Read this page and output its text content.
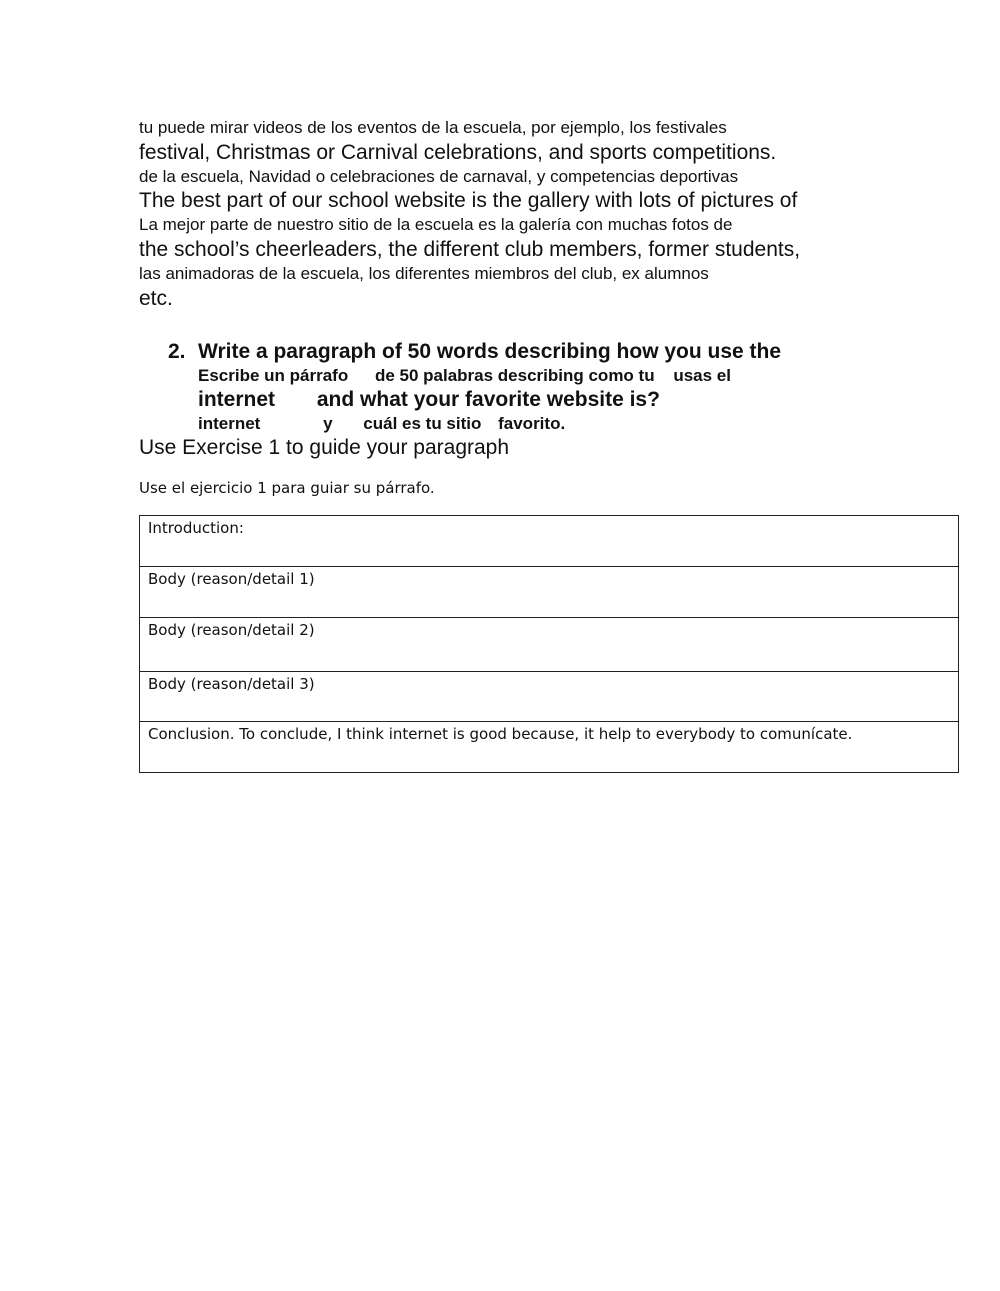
tu puede mirar videos de los eventos de la escuela, por ejemplo, los festivales
festival, Christmas or Carnival celebrations, and sports competitions.
de la escuela, Navidad o celebraciones de carnaval, y competencias deportivas
The best part of our school website is the gallery with lots of pictures of
La mejor parte de nuestro sitio de la escuela es la galería con muchas fotos de
the school’s cheerleaders, the different club members, former students,
las animadoras de la escuela, los diferentes miembros del club, ex alumnos
etc.
2. Write a paragraph of 50 words describing how you use the
Escribe un párrafo de 50 palabras describing como tu usas el
internet and what your favorite website is?
internet	y cuál es tu sitio favorito.
Use Exercise 1 to guide your paragraph
Use el ejercicio 1 para guiar su párrafo.
Introduction:
Body (reason/detail 1)
Body (reason/detail 2)
Body (reason/detail 3)
Conclusion. To conclude, I think internet is good because, it help to everybody to comunícate.
